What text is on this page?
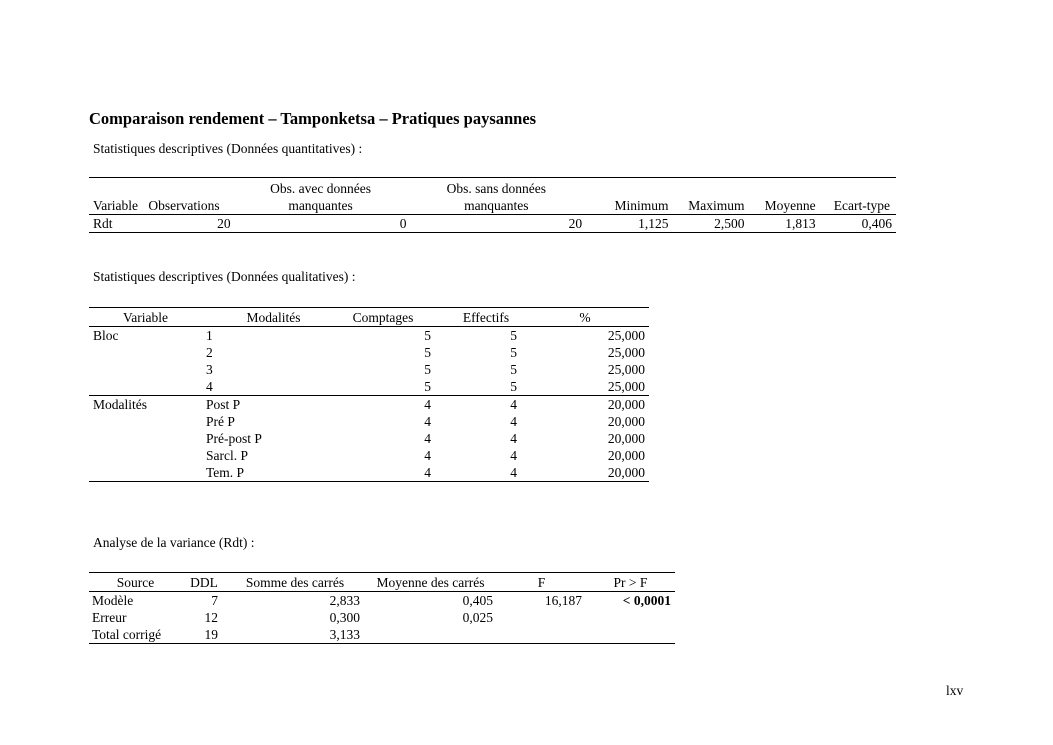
Comparaison rendement – Tamponketsa – Pratiques paysannes
Statistiques descriptives (Données quantitatives) :
Variable	Observations	Obs. avec données	Obs. sans données		Minimum	Maximum	Moyenne	Ecart-type
		manquantes	manquantes				
Rdt	20	0	20		1,125	2,500	1,813	0,406
Statistiques descriptives (Données qualitatives) :
Variable	Modalités	Comptages	Effectifs	%
Bloc	1	5	5	25,000
	2	5	5	25,000
	3	5	5	25,000
	4	5	5	25,000
Modalités	Post P	4	4	20,000
	Pré P	4	4	20,000
	Pré-post P	4	4	20,000
	Sarcl. P	4	4	20,000
	Tem. P	4	4	20,000
Analyse de la variance (Rdt) :
Source	DDL	Somme des carrés	Moyenne des carrés	F	Pr > F
Modèle	7	2,833	0,405	16,187	< 0,0001
Erreur	12	0,300	0,025		
Total corrigé	19	3,133			
lxv
